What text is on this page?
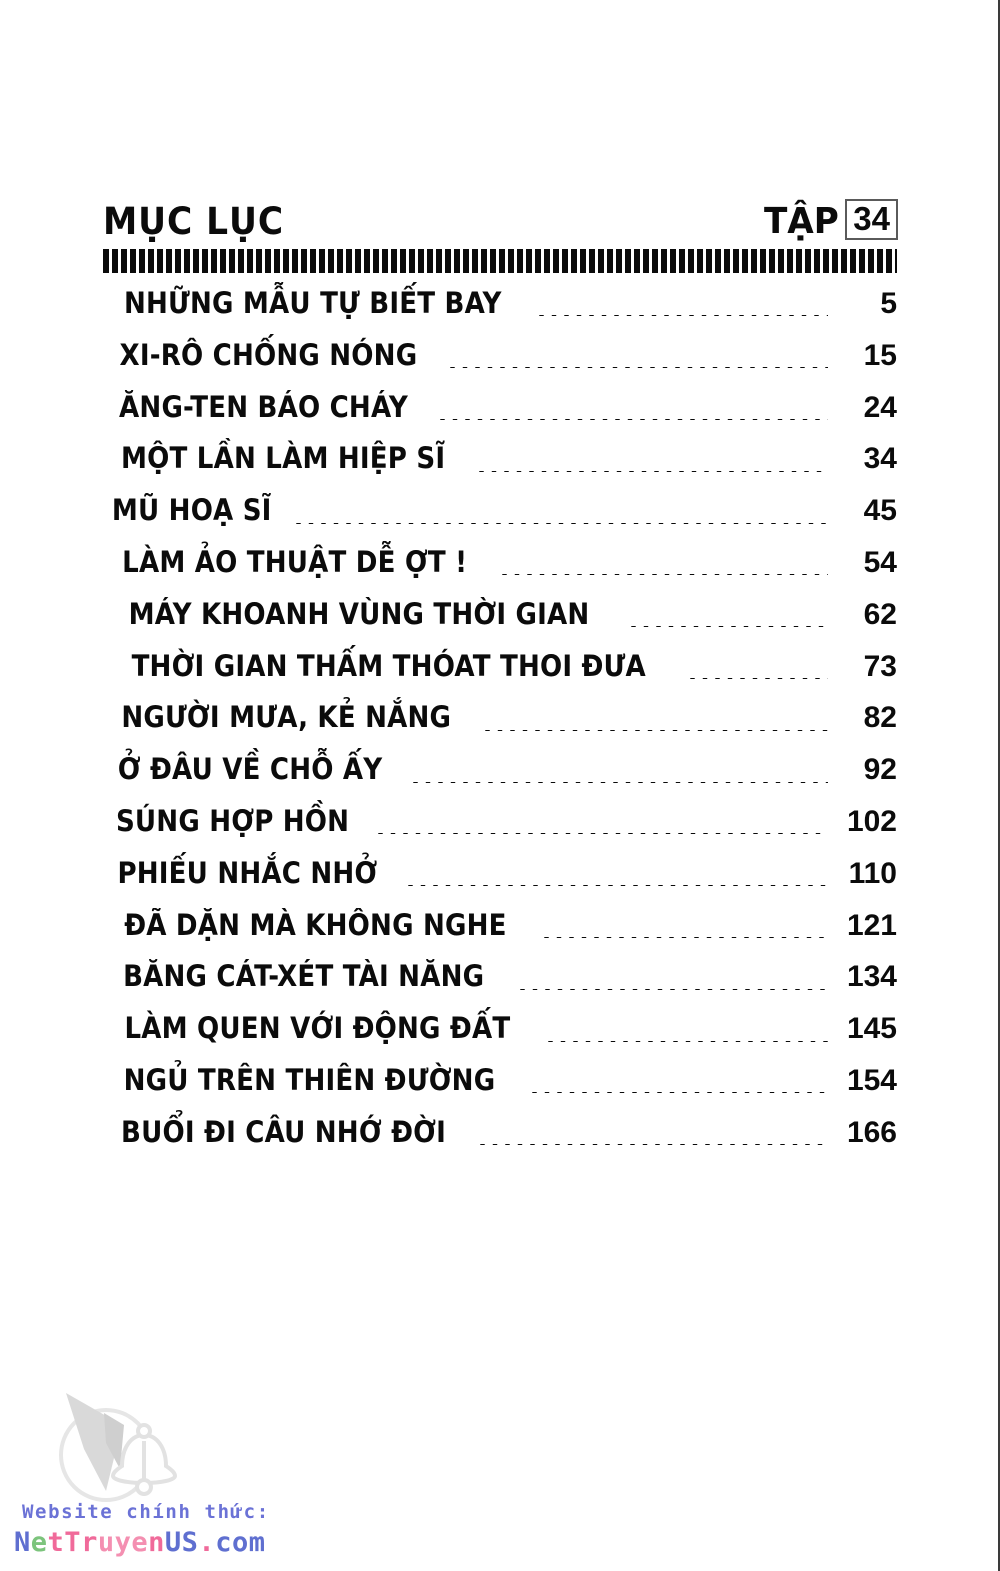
MỤC LỤC	TẬP 34
NHỮNG MẪU TỰ BIẾT BAY	5
XI-RÔ CHỐNG NÓNG	15
ĂNG-TEN BÁO CHÁY	24
MỘT LẦN LÀM HIỆP SĨ	34
MŨ HOẠ SĨ	45
LÀM ẢO THUẬT DỄ ỢT !	54
MÁY KHOANH VÙNG THỜI GIAN	62
THỜI GIAN THẤM THÓAT THOI ĐƯA	73
NGƯỜI MƯA, KẺ NẮNG	82
Ở ĐÂU VỀ CHỖ ẤY	92
SÚNG HỢP HỒN	102
PHIẾU NHẮC NHỞ	110
ĐÃ DẶN MÀ KHÔNG NGHE	121
BĂNG CÁT-XÉT TÀI NĂNG	134
LÀM QUEN VỚI ĐỘNG ĐẤT	145
NGỦ TRÊN THIÊN ĐƯỜNG	154
BUỔI ĐI CÂU NHỚ ĐỜI	166
Website chính thức:
NetTruyenUS.com
